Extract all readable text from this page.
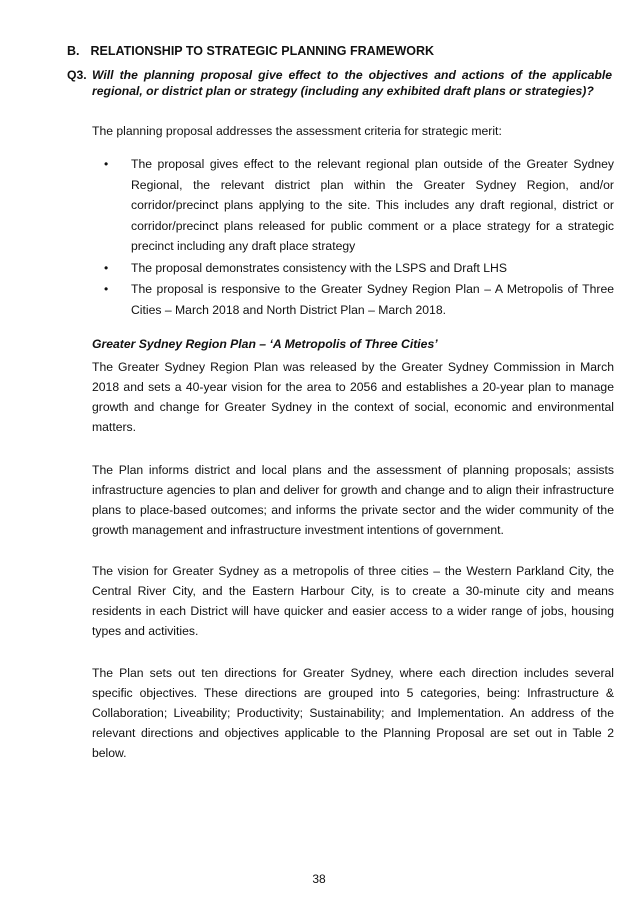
B. RELATIONSHIP TO STRATEGIC PLANNING FRAMEWORK
Q3. Will the planning proposal give effect to the objectives and actions of the applicable regional, or district plan or strategy (including any exhibited draft plans or strategies)?

The planning proposal addresses the assessment criteria for strategic merit:

• The proposal gives effect to the relevant regional plan outside of the Greater Sydney Regional, the relevant district plan within the Greater Sydney Region, and/or corridor/precinct plans applying to the site. This includes any draft regional, district or corridor/precinct plans released for public comment or a place strategy for a strategic precinct including any draft place strategy
• The proposal demonstrates consistency with the LSPS and Draft LHS
• The proposal is responsive to the Greater Sydney Region Plan – A Metropolis of Three Cities – March 2018 and North District Plan – March 2018.

Greater Sydney Region Plan – ‘A Metropolis of Three Cities’

The Greater Sydney Region Plan was released by the Greater Sydney Commission in March 2018 and sets a 40-year vision for the area to 2056 and establishes a 20-year plan to manage growth and change for Greater Sydney in the context of social, economic and environmental matters.

The Plan informs district and local plans and the assessment of planning proposals; assists infrastructure agencies to plan and deliver for growth and change and to align their infrastructure plans to place-based outcomes; and informs the private sector and the wider community of the growth management and infrastructure investment intentions of government.

The vision for Greater Sydney as a metropolis of three cities – the Western Parkland City, the Central River City, and the Eastern Harbour City, is to create a 30-minute city and means residents in each District will have quicker and easier access to a wider range of jobs, housing types and activities.

The Plan sets out ten directions for Greater Sydney, where each direction includes several specific objectives. These directions are grouped into 5 categories, being: Infrastructure & Collaboration; Liveability; Productivity; Sustainability; and Implementation. An address of the relevant directions and objectives applicable to the Planning Proposal are set out in Table 2 below.

38
